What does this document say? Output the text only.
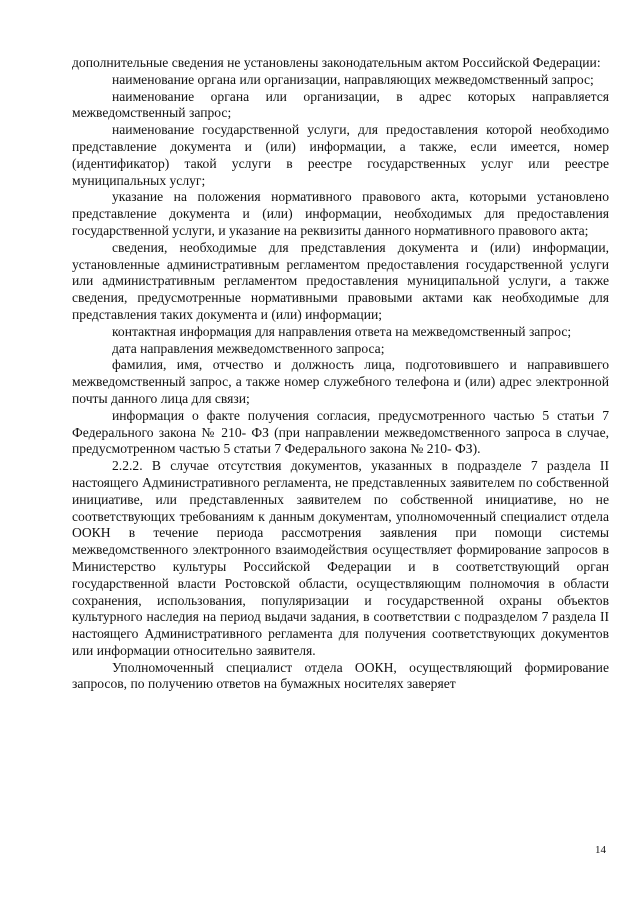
дополнительные сведения не установлены законодательным актом Российской Федерации:

наименование органа или организации, направляющих межведомственный запрос;

наименование органа или организации, в адрес которых направляется межведомственный запрос;

наименование государственной услуги, для предоставления которой необходимо представление документа и (или) информации, а также, если имеется, номер (идентификатор) такой услуги в реестре государственных услуг или реестре муниципальных услуг;

указание на положения нормативного правового акта, которыми установлено представление документа и (или) информации, необходимых для предоставления государственной услуги, и указание на реквизиты данного нормативного правового акта;

сведения, необходимые для представления документа и (или) информации, установленные административным регламентом предоставления государственной услуги или административным регламентом предоставления муниципальной услуги, а также сведения, предусмотренные нормативными правовыми актами как необходимые для представления таких документа и (или) информации;

контактная информация для направления ответа на межведомственный запрос;

дата направления межведомственного запроса;

фамилия, имя, отчество и должность лица, подготовившего и направившего межведомственный запрос, а также номер служебного телефона и (или) адрес электронной почты данного лица для связи;

информация о факте получения согласия, предусмотренного частью 5 статьи 7 Федерального закона № 210- ФЗ (при направлении межведомственного запроса в случае, предусмотренном частью 5 статьи 7 Федерального закона № 210- ФЗ).

2.2.2. В случае отсутствия документов, указанных в подразделе 7 раздела II настоящего Административного регламента, не представленных заявителем по собственной инициативе, или представленных заявителем по собственной инициативе, но не соответствующих требованиям к данным документам, уполномоченный специалист отдела ООКН в течение периода рассмотрения заявления при помощи системы межведомственного электронного взаимодействия осуществляет формирование запросов в Министерство культуры Российской Федерации и в соответствующий орган государственной власти Ростовской области, осуществляющим полномочия в области сохранения, использования, популяризации и государственной охраны объектов культурного наследия на период выдачи задания, в соответствии с подразделом 7 раздела II настоящего Административного регламента для получения соответствующих документов или информации относительно заявителя.

Уполномоченный специалист отдела ООКН, осуществляющий формирование запросов, по получению ответов на бумажных носителях заверяет

14
